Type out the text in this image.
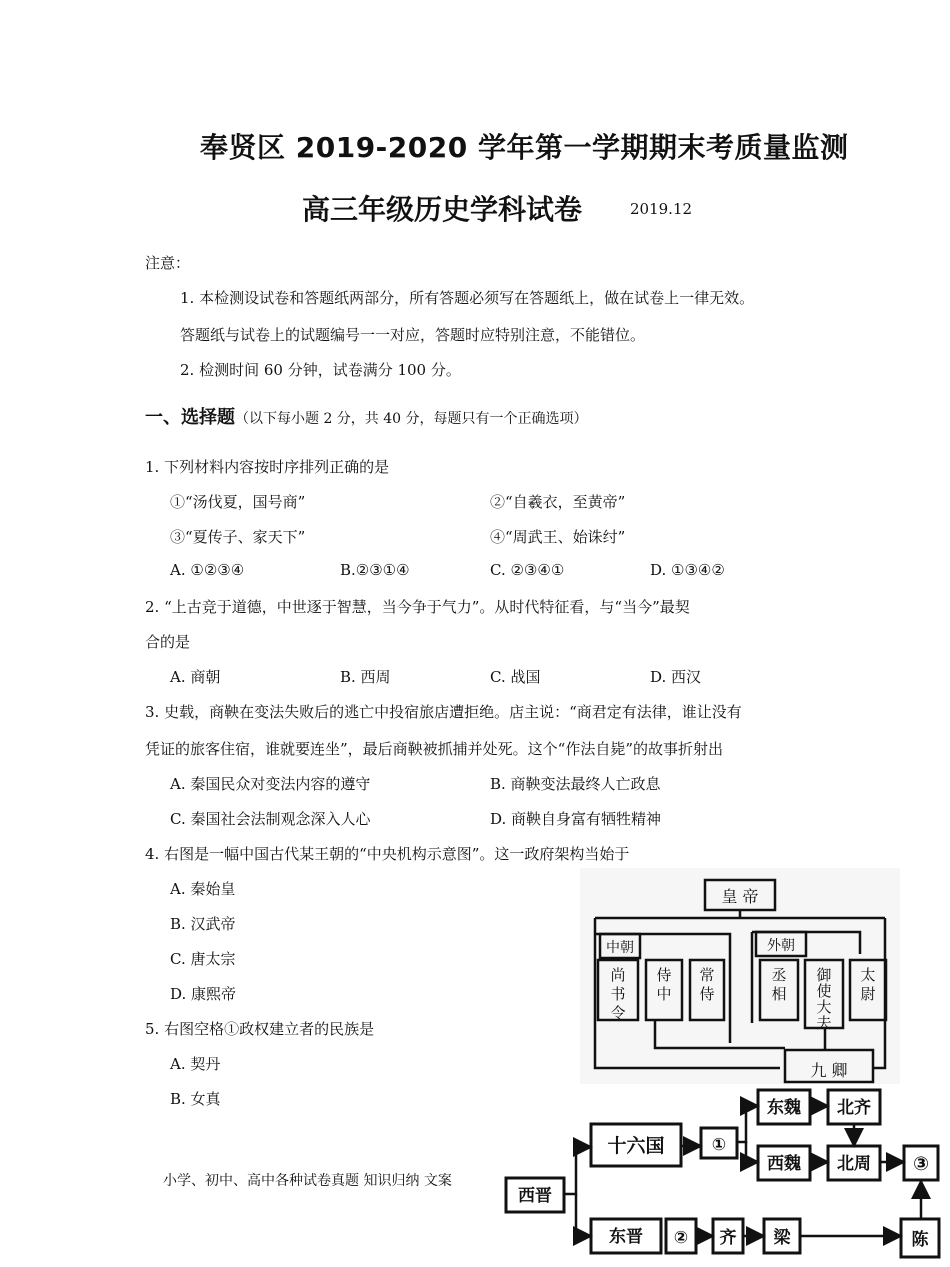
奉贤区 2019-2020 学年第一学期期末考质量监测
高三年级历史学科试卷	2019.12
注意：
1. 本检测设试卷和答题纸两部分，所有答题必须写在答题纸上，做在试卷上一律无效。
答题纸与试卷上的试题编号一一对应，答题时应特别注意，不能错位。
2. 检测时间 60 分钟，试卷满分 100 分。
一、选择题（以下每小题 2 分，共 40 分，每题只有一个正确选项）
1. 下列材料内容按时序排列正确的是
①“汤伐夏，国号商”	②“自羲衣，至黄帝”
③“夏传子、家天下”	④“周武王、始诛纣”
A. ①②③④	B.②③①④	C. ②③④①	D. ①③④②
2. “上古竞于道德，中世逐于智慧，当今争于气力”。从时代特征看，与“当今”最契
合的是
A. 商朝	B. 西周	C. 战国	D. 西汉
3. 史载，商鞅在变法失败后的逃亡中投宿旅店遭拒绝。店主说：“商君定有法律，谁让没有
凭证的旅客住宿，谁就要连坐”，最后商鞅被抓捕并处死。这个“作法自毙”的故事折射出
A. 秦国民众对变法内容的遵守	B. 商鞅变法最终人亡政息
C. 秦国社会法制观念深入人心	D. 商鞅自身富有牺牲精神
4. 右图是一幅中国古代某王朝的“中央机构示意图”。这一政府架构当始于
A. 秦始皇
B. 汉武帝
C. 唐太宗
D. 康熙帝
5. 右图空格①政权建立者的民族是
A. 契丹
B. 女真
小学、初中、高中各种试卷真题 知识归纳 文案
皇 帝
中朝	外朝
九 卿
尚书令
侍中
常侍
丞相
御使大夫
太尉
西晋
十六国	①
东魏 北齐
西魏 北周 ③
东晋 ② 齐 梁	陈
